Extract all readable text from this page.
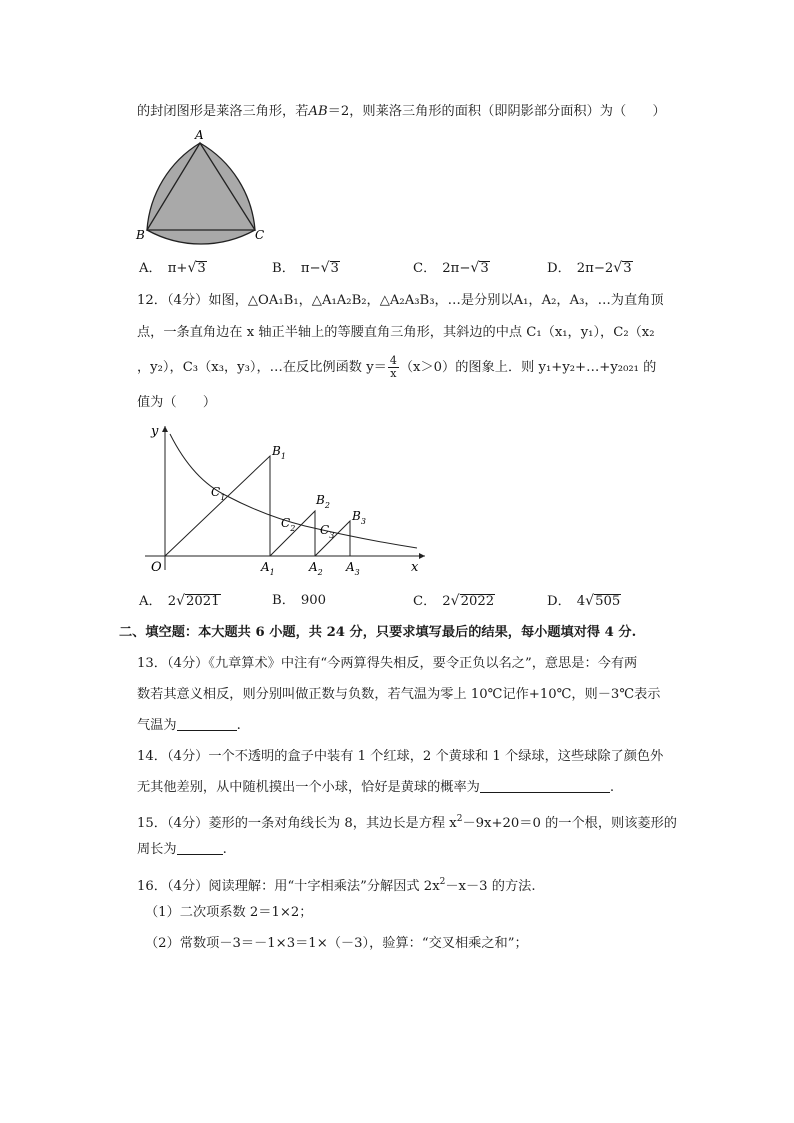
的封闭图形是莱洛三角形，若AB＝2，则莱洛三角形的面积（即阴影部分面积）为（　　）
A
B	C
A． π+√3	B． π−√3	C． 2π−√3	D． 2π−2√3
12．（4分）如图，△OA₁B₁，△A₁A₂B₂，△A₂A₃B₃，…是分别以A₁，A₂，A₃，…为直角顶
点，一条直角边在 x 轴正半轴上的等腰直角三角形，其斜边的中点 C₁（x₁，y₁），C₂（x₂
，y₂），C₃（x₃，y₃），…在反比例函数 $y= \frac{4}{x} (x>0)$的图象上．则 y₁+y₂+…+y₂₀₂₁ 的
值为（　　）
y
x
O
$B_1$
$B_2$
$B_3$
$C_1$
$C_2$ $C_3$
$A_1$	$A_2$ $A_3$
A． 2√2021	B． 900	C． 2√2022	D． 4√505
二、填空题：本大题共 6 小题，共 24 分，只要求填写最后的结果，每小题填对得 4 分.
13．（4分）《九章算术》中注有“今两算得失相反，要令正负以名之”，意思是：今有两
数若其意义相反，则分别叫做正数与负数，若气温为零上 10℃记作+10℃，则－3℃表示
气温为	.
14．（4分）一个不透明的盒子中装有 1 个红球，2 个黄球和 1 个绿球，这些球除了颜色外
无其他差别，从中随机摸出一个小球，恰好是黄球的概率为	.
15．（4分）菱形的一条对角线长为 8，其边长是方程 $x^2-9x+20=0$ 的一个根，则该菱形的
周长为	.
16．（4分）阅读理解：用“十字相乘法”分解因式 $2x^2-x-3$ 的方法.
（1）二次项系数 2＝1×2；
（2）常数项－3＝－1×3＝1×（－3），验算：“交叉相乘之和”；
